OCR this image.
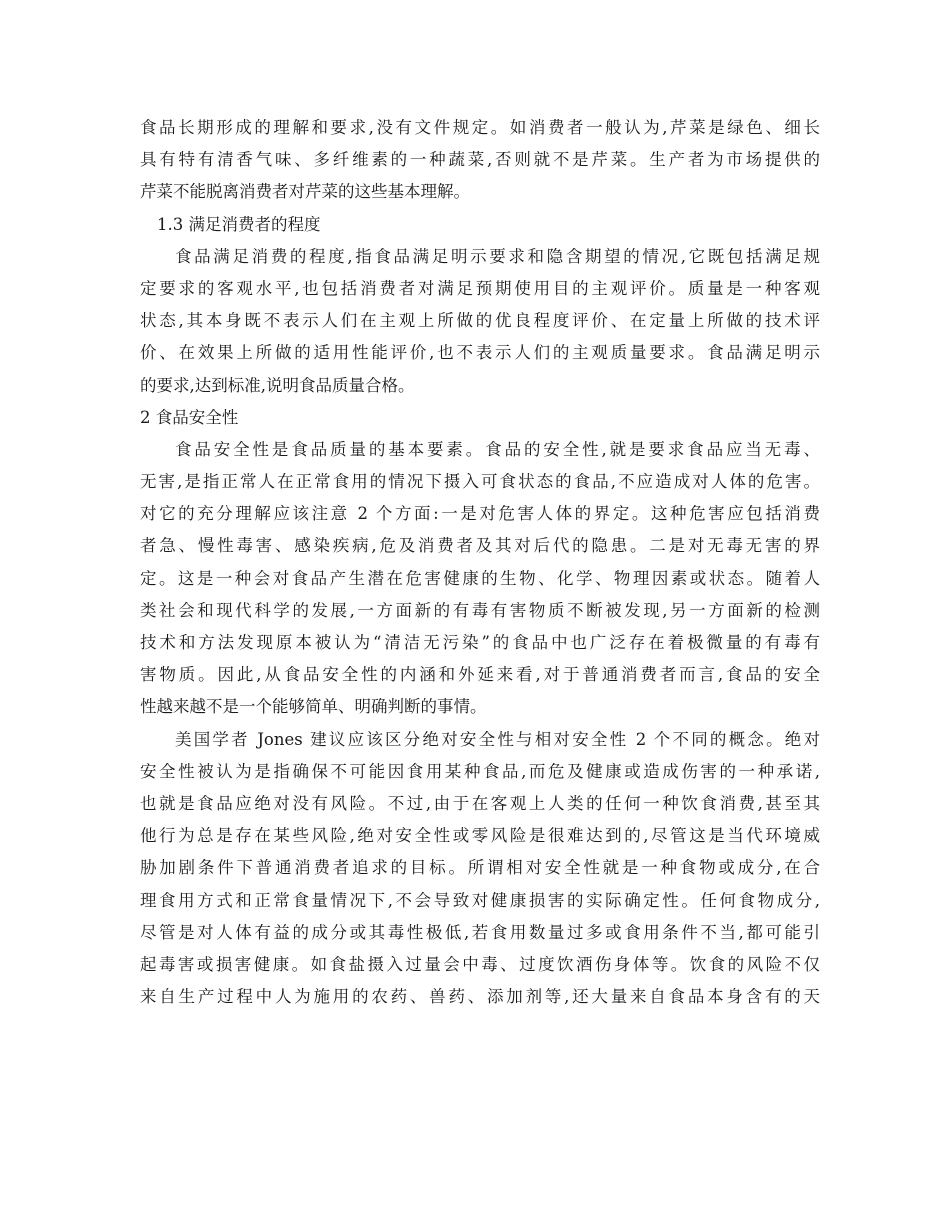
食品长期形成的理解和要求,没有文件规定。如消费者一般认为,芹菜是绿色、细长
具有特有清香气味、多纤维素的一种蔬菜,否则就不是芹菜。生产者为市场提供的
芹菜不能脱离消费者对芹菜的这些基本理解。
1.3 满足消费者的程度
食品满足消费的程度,指食品满足明示要求和隐含期望的情况,它既包括满足规
定要求的客观水平,也包括消费者对满足预期使用目的主观评价。质量是一种客观
状态,其本身既不表示人们在主观上所做的优良程度评价、在定量上所做的技术评
价、在效果上所做的适用性能评价,也不表示人们的主观质量要求。食品满足明示
的要求,达到标准,说明食品质量合格。
2 食品安全性
食品安全性是食品质量的基本要素。食品的安全性,就是要求食品应当无毒、
无害,是指正常人在正常食用的情况下摄入可食状态的食品,不应造成对人体的危害。
对它的充分理解应该注意 2 个方面:一是对危害人体的界定。这种危害应包括消费
者急、慢性毒害、感染疾病,危及消费者及其对后代的隐患。二是对无毒无害的界
定。这是一种会对食品产生潜在危害健康的生物、化学、物理因素或状态。随着人
类社会和现代科学的发展,一方面新的有毒有害物质不断被发现,另一方面新的检测
技术和方法发现原本被认为“清洁无污染”的食品中也广泛存在着极微量的有毒有
害物质。因此,从食品安全性的内涵和外延来看,对于普通消费者而言,食品的安全
性越来越不是一个能够简单、明确判断的事情。
美国学者 Jones 建议应该区分绝对安全性与相对安全性 2 个不同的概念。绝对
安全性被认为是指确保不可能因食用某种食品,而危及健康或造成伤害的一种承诺,
也就是食品应绝对没有风险。不过,由于在客观上人类的任何一种饮食消费,甚至其
他行为总是存在某些风险,绝对安全性或零风险是很难达到的,尽管这是当代环境威
胁加剧条件下普通消费者追求的目标。所谓相对安全性就是一种食物或成分,在合
理食用方式和正常食量情况下,不会导致对健康损害的实际确定性。任何食物成分,
尽管是对人体有益的成分或其毒性极低,若食用数量过多或食用条件不当,都可能引
起毒害或损害健康。如食盐摄入过量会中毒、过度饮酒伤身体等。饮食的风险不仅
来自生产过程中人为施用的农药、兽药、添加剂等,还大量来自食品本身含有的天
